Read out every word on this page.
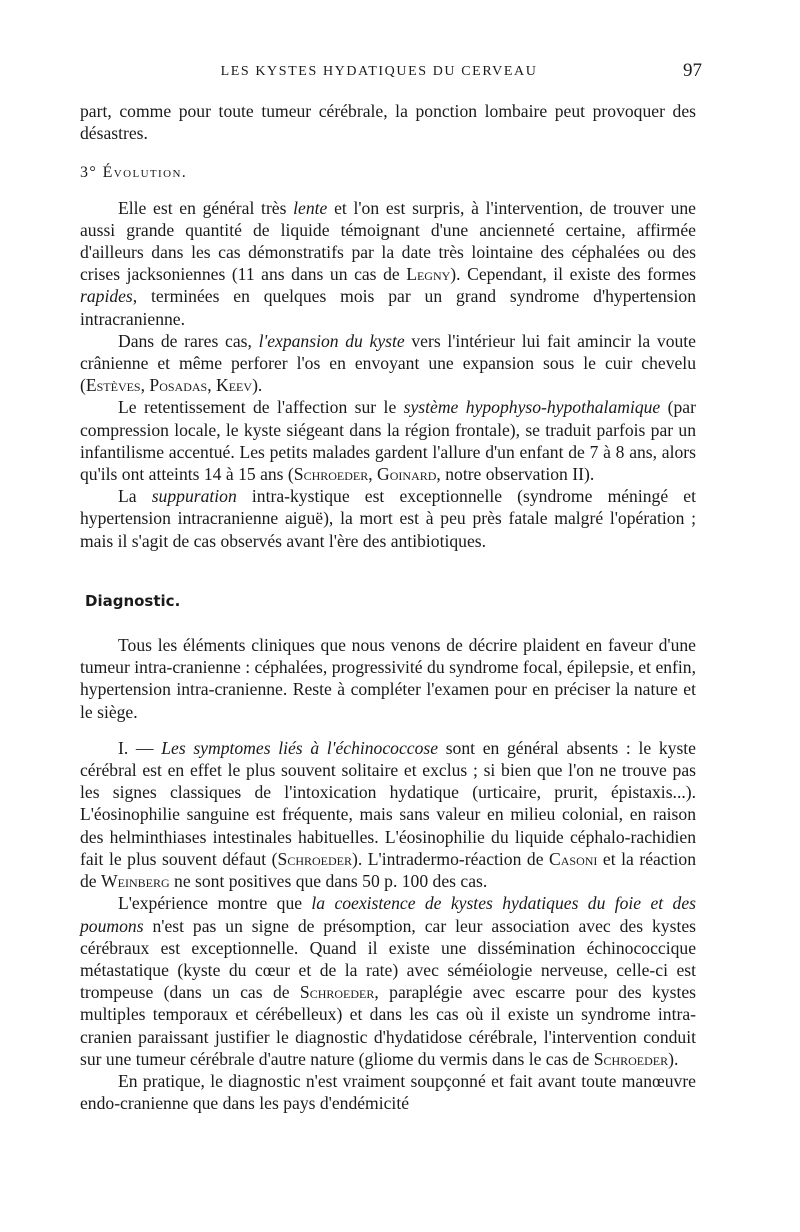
LES KYSTES HYDATIQUES DU CERVEAU	97

part, comme pour toute tumeur cérébrale, la ponction lombaire peut provoquer des désastres.

3° Évolution.

Elle est en général très lente et l'on est surpris, à l'intervention, de trouver une aussi grande quantité de liquide témoignant d'une ancienneté certaine, affirmée d'ailleurs dans les cas démonstratifs par la date très lointaine des céphalées ou des crises jacksoniennes (11 ans dans un cas de Legny). Cependant, il existe des formes rapides, terminées en quelques mois par un grand syndrome d'hypertension intracranienne.

Dans de rares cas, l'expansion du kyste vers l'intérieur lui fait amincir la voute crânienne et même perforer l'os en envoyant une expansion sous le cuir chevelu (Estèves, Posadas, Keev).

Le retentissement de l'affection sur le système hypophyso-hypothalamique (par compression locale, le kyste siégeant dans la région frontale), se traduit parfois par un infantilisme accentué. Les petits malades gardent l'allure d'un enfant de 7 à 8 ans, alors qu'ils ont atteints 14 à 15 ans (Schroeder, Goinard, notre observation II).

La suppuration intra-kystique est exceptionnelle (syndrome méningé et hypertension intracranienne aiguë), la mort est à peu près fatale malgré l'opération ; mais il s'agit de cas observés avant l'ère des antibiotiques.

Diagnostic.

Tous les éléments cliniques que nous venons de décrire plaident en faveur d'une tumeur intra-cranienne : céphalées, progressivité du syndrome focal, épilepsie, et enfin, hypertension intra-cranienne. Reste à compléter l'examen pour en préciser la nature et le siège.

I. — Les symptomes liés à l'échinococcose sont en général absents : le kyste cérébral est en effet le plus souvent solitaire et exclus ; si bien que l'on ne trouve pas les signes classiques de l'intoxication hydatique (urticaire, prurit, épistaxis...). L'éosinophilie sanguine est fréquente, mais sans valeur en milieu colonial, en raison des helminthiases intestinales habituelles. L'éosinophilie du liquide céphalo-rachidien fait le plus souvent défaut (Schroeder). L'intradermo-réaction de Casoni et la réaction de Weinberg ne sont positives que dans 50 p. 100 des cas.

L'expérience montre que la coexistence de kystes hydatiques du foie et des poumons n'est pas un signe de présomption, car leur association avec des kystes cérébraux est exceptionnelle. Quand il existe une dissémination échinococcique métastatique (kyste du cœur et de la rate) avec séméiologie nerveuse, celle-ci est trompeuse (dans un cas de Schroeder, paraplégie avec escarre pour des kystes multiples temporaux et cérébelleux) et dans les cas où il existe un syndrome intra-cranien paraissant justifier le diagnostic d'hydatidose cérébrale, l'intervention conduit sur une tumeur cérébrale d'autre nature (gliome du vermis dans le cas de Schroeder).

En pratique, le diagnostic n'est vraiment soupçonné et fait avant toute manœuvre endo-cranienne que dans les pays d'endémicité
